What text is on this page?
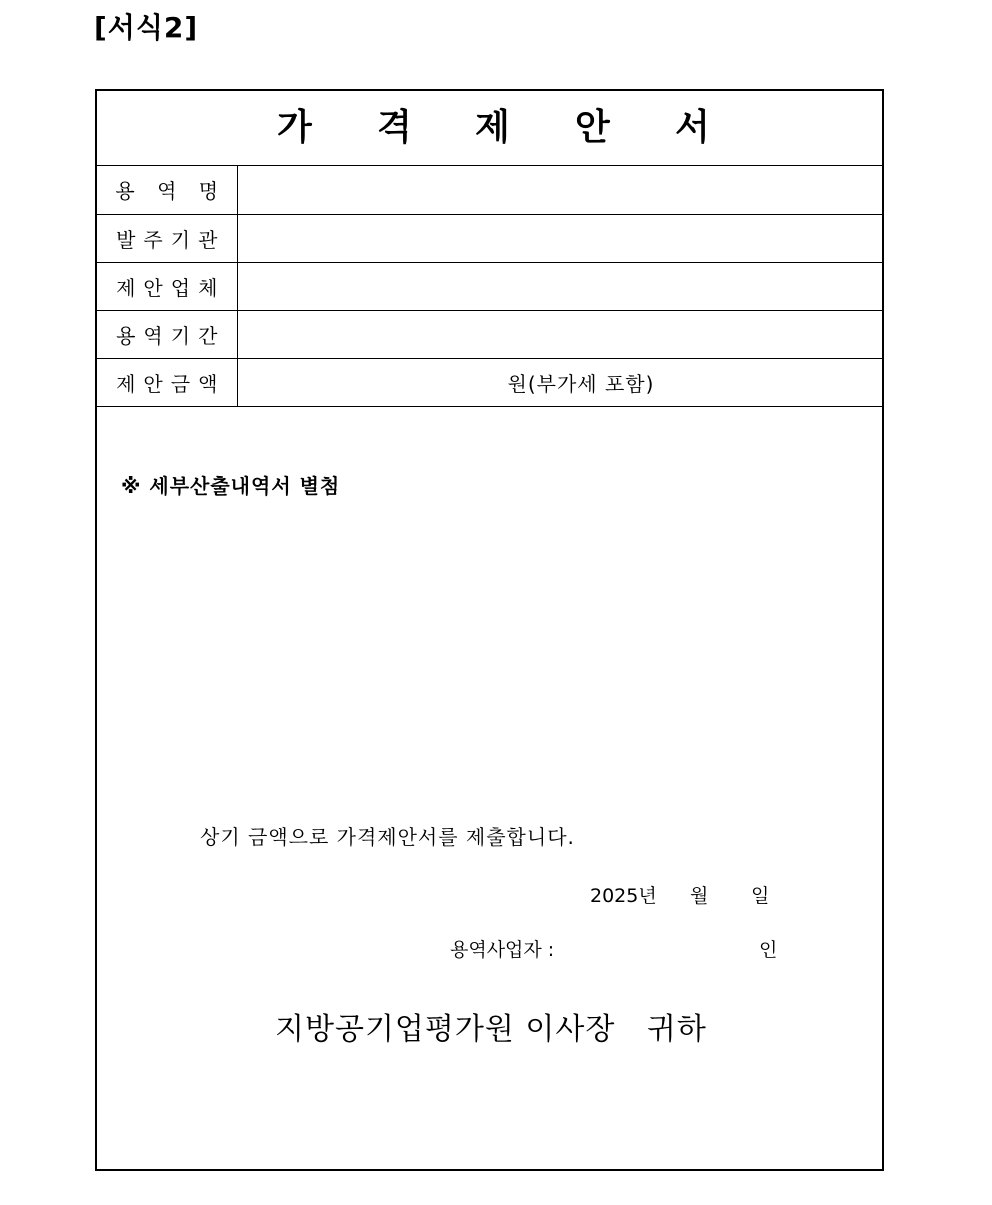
[서식2]
가 격 제 안 서
용 역 명	
발주기관	
제안업체	
용역기간	
제안금액	원(부가세 포함)
※ 세부산출내역서 별첨
상기 금액으로 가격제안서를 제출합니다.
2025년 월 일
용역사업자 :	인
지방공기업평가원 이사장   귀하
